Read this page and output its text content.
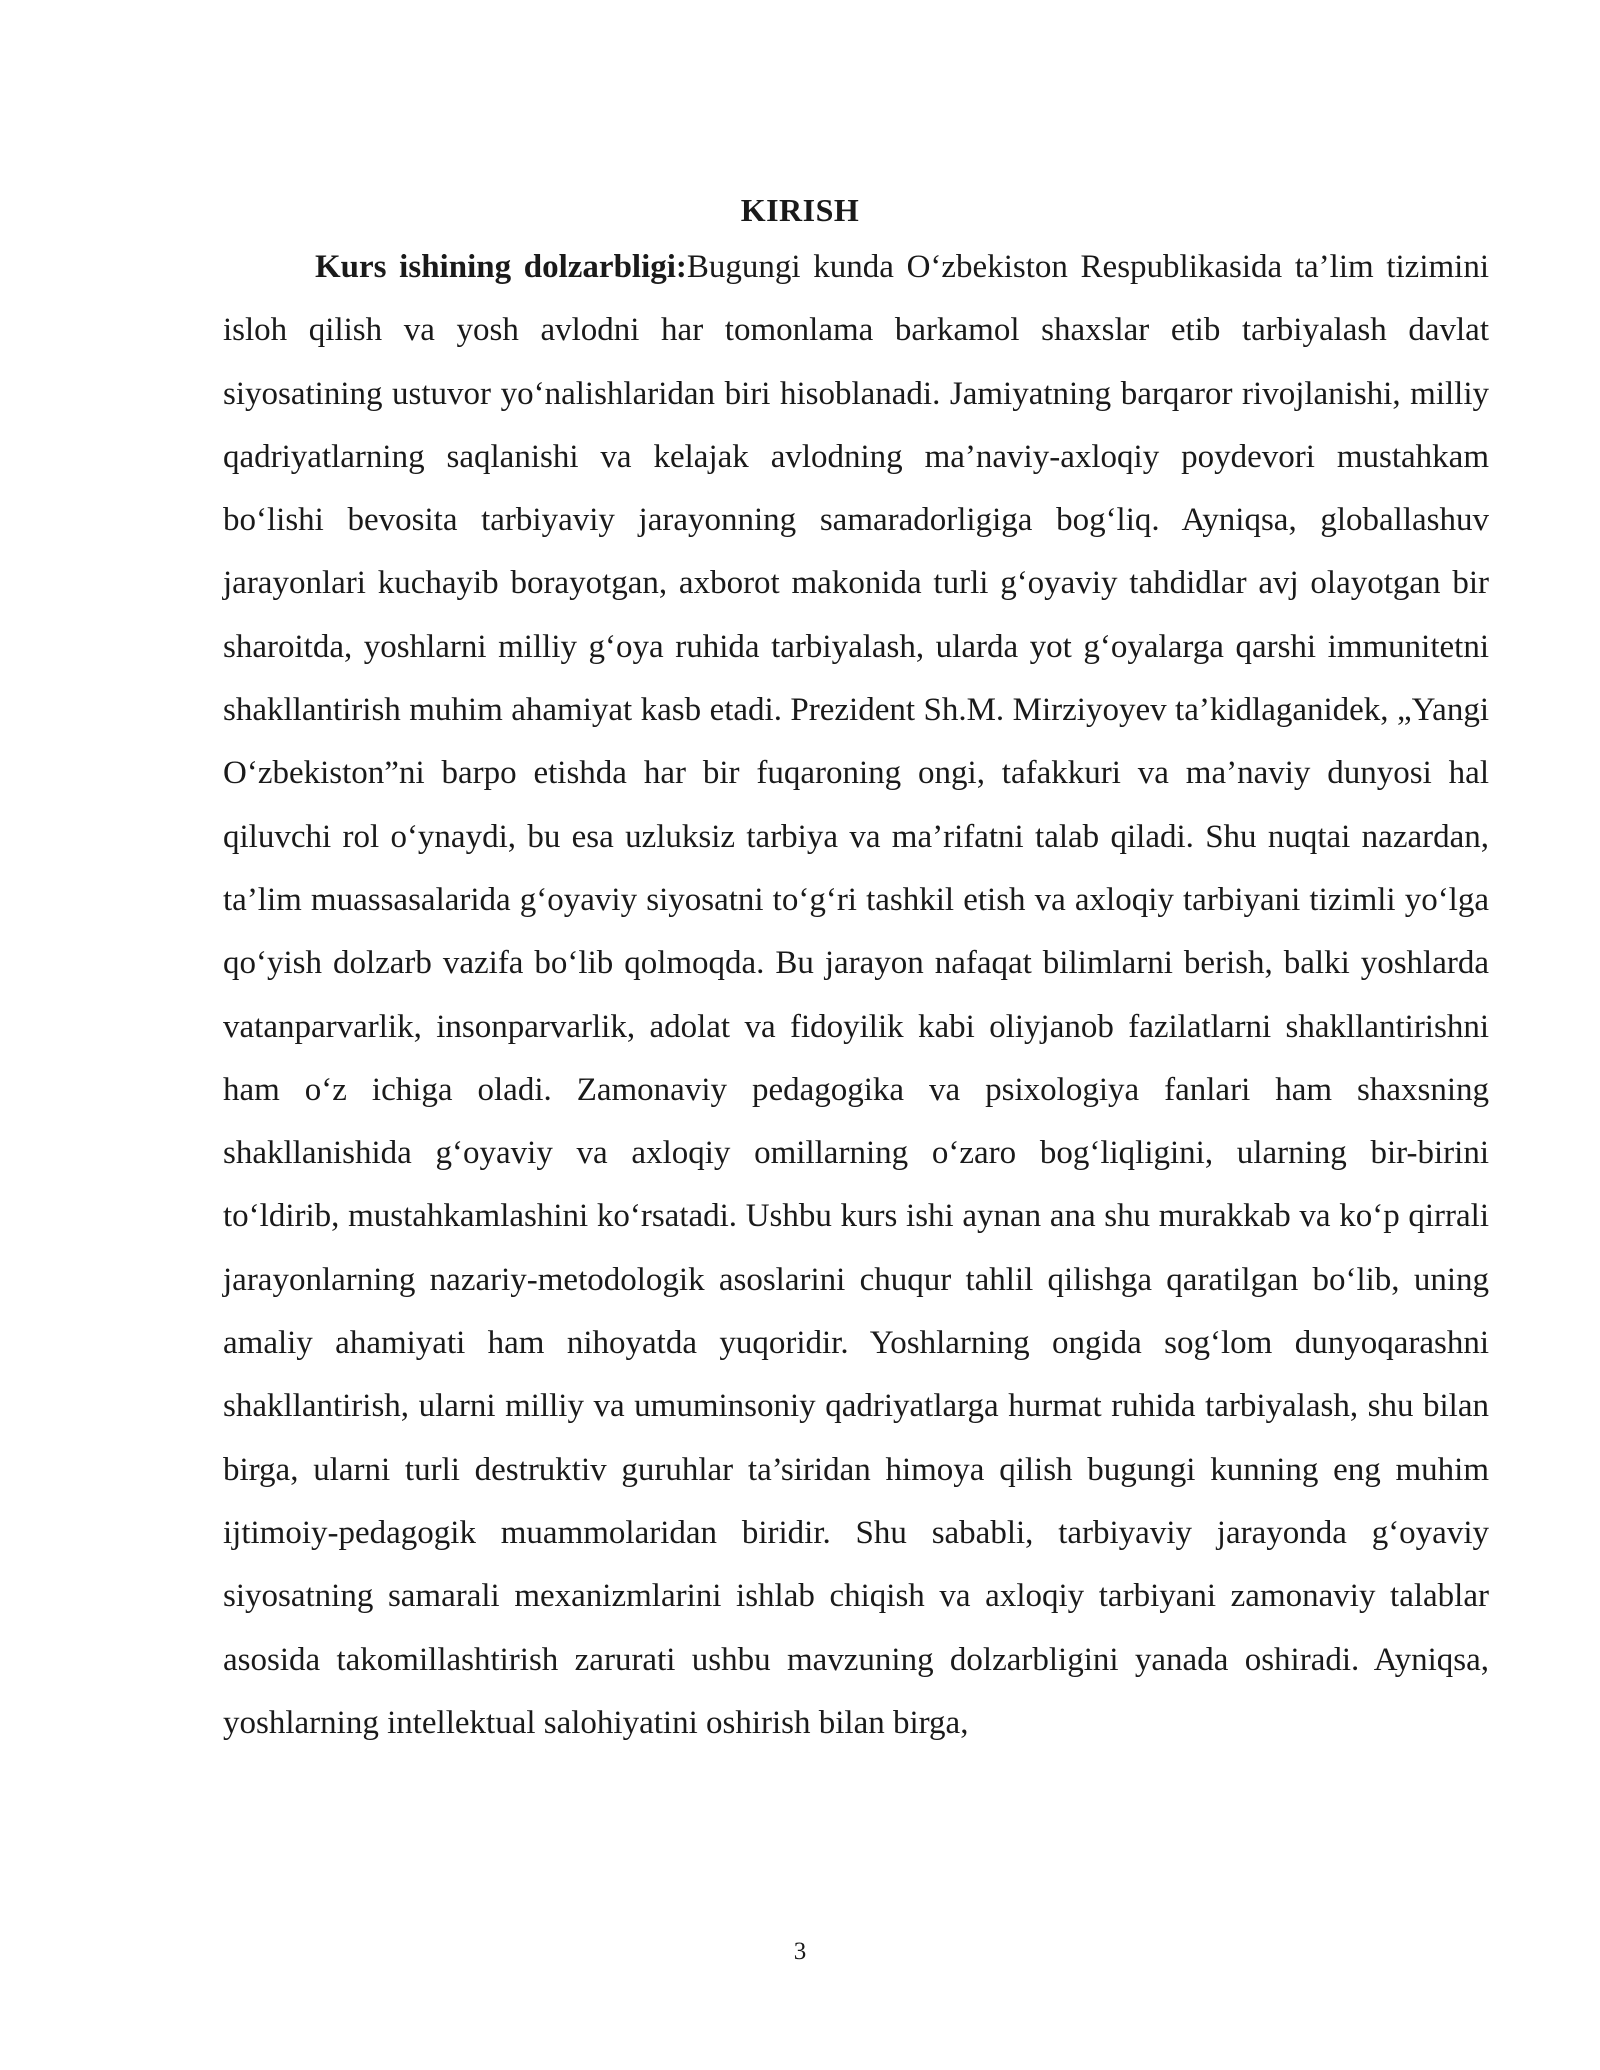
KIRISH

Kurs ishining dolzarbligi:Bugungi kunda O‘zbekiston Respublikasida ta’lim tizimini isloh qilish va yosh avlodni har tomonlama barkamol shaxslar etib tarbiyalash davlat siyosatining ustuvor yo‘nalishlaridan biri hisoblanadi. Jamiyatning barqaror rivojlanishi, milliy qadriyatlarning saqlanishi va kelajak avlodning ma’naviy-axloqiy poydevori mustahkam bo‘lishi bevosita tarbiyaviy jarayonning samaradorligiga bog‘liq. Ayniqsa, globallashuv jarayonlari kuchayib borayotgan, axborot makonida turli g‘oyaviy tahdidlar avj olayotgan bir sharoitda, yoshlarni milliy g‘oya ruhida tarbiyalash, ularda yot g‘oyalarga qarshi immunitetni shakllantirish muhim ahamiyat kasb etadi. Prezident Sh.M. Mirziyoyev ta’kidlaganidek, „Yangi O‘zbekiston”ni barpo etishda har bir fuqaroning ongi, tafakkuri va ma’naviy dunyosi hal qiluvchi rol o‘ynaydi, bu esa uzluksiz tarbiya va ma’rifatni talab qiladi. Shu nuqtai nazardan, ta’lim muassasalarida g‘oyaviy siyosatni to‘g‘ri tashkil etish va axloqiy tarbiyani tizimli yo‘lga qo‘yish dolzarb vazifa bo‘lib qolmoqda. Bu jarayon nafaqat bilimlarni berish, balki yoshlarda vatanparvarlik, insonparvarlik, adolat va fidoyilik kabi oliyjanob fazilatlarni shakllantirishni ham o‘z ichiga oladi. Zamonaviy pedagogika va psixologiya fanlari ham shaxsning shakllanishida g‘oyaviy va axloqiy omillarning o‘zaro bog‘liqligini, ularning bir-birini to‘ldirib, mustahkamlashini ko‘rsatadi. Ushbu kurs ishi aynan ana shu murakkab va ko‘p qirrali jarayonlarning nazariy-metodologik asoslarini chuqur tahlil qilishga qaratilgan bo‘lib, uning amaliy ahamiyati ham nihoyatda yuqoridir. Yoshlarning ongida sog‘lom dunyoqarashni shakllantirish, ularni milliy va umuminsoniy qadriyatlarga hurmat ruhida tarbiyalash, shu bilan birga, ularni turli destruktiv guruhlar ta’siridan himoya qilish bugungi kunning eng muhim ijtimoiy-pedagogik muammolaridan biridir. Shu sababli, tarbiyaviy jarayonda g‘oyaviy siyosatning samarali mexanizmlarini ishlab chiqish va axloqiy tarbiyani zamonaviy talablar asosida takomillashtirish zarurati ushbu mavzuning dolzarbligini yanada oshiradi. Ayniqsa, yoshlarning intellektual salohiyatini oshirish bilan birga,

3
